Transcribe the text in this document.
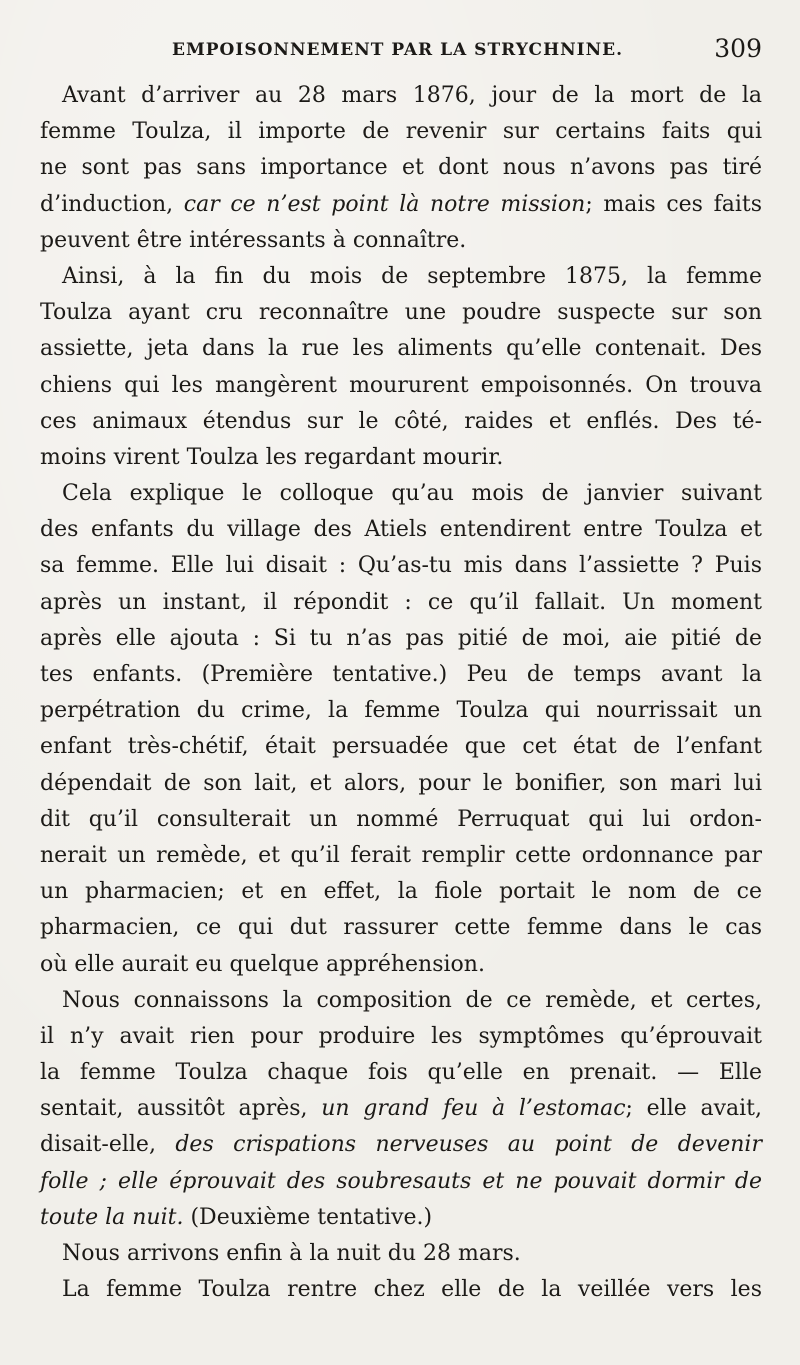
EMPOISONNEMENT PAR LA STRYCHNINE.	309
Avant d’arriver au 28 mars 1876, jour de la mort de la
femme Toulza, il importe de revenir sur certains faits qui
ne sont pas sans importance et dont nous n’avons pas tiré
d’induction, car ce n’est point là notre mission; mais ces faits
peuvent être intéressants à connaître.
Ainsi, à la fin du mois de septembre 1875, la femme
Toulza ayant cru reconnaître une poudre suspecte sur son
assiette, jeta dans la rue les aliments qu’elle contenait. Des
chiens qui les mangèrent moururent empoisonnés. On trouva
ces animaux étendus sur le côté, raides et enflés. Des té-
moins virent Toulza les regardant mourir.
Cela explique le colloque qu’au mois de janvier suivant
des enfants du village des Atiels entendirent entre Toulza et
sa femme. Elle lui disait : Qu’as-tu mis dans l’assiette ? Puis
après un instant, il répondit : ce qu’il fallait. Un moment
après elle ajouta : Si tu n’as pas pitié de moi, aie pitié de
tes enfants. (Première tentative.) Peu de temps avant la
perpétration du crime, la femme Toulza qui nourrissait un
enfant très-chétif, était persuadée que cet état de l’enfant
dépendait de son lait, et alors, pour le bonifier, son mari lui
dit qu’il consulterait un nommé Perruquat qui lui ordon-
nerait un remède, et qu’il ferait remplir cette ordonnance par
un pharmacien; et en effet, la fiole portait le nom de ce
pharmacien, ce qui dut rassurer cette femme dans le cas
où elle aurait eu quelque appréhension.
Nous connaissons la composition de ce remède, et certes,
il n’y avait rien pour produire les symptômes qu’éprouvait
la femme Toulza chaque fois qu’elle en prenait. — Elle
sentait, aussitôt après, un grand feu à l’estomac; elle avait,
disait-elle, des crispations nerveuses au point de devenir
folle ; elle éprouvait des soubresauts et ne pouvait dormir de
toute la nuit. (Deuxième tentative.)
Nous arrivons enfin à la nuit du 28 mars.
La femme Toulza rentre chez elle de la veillée vers les
